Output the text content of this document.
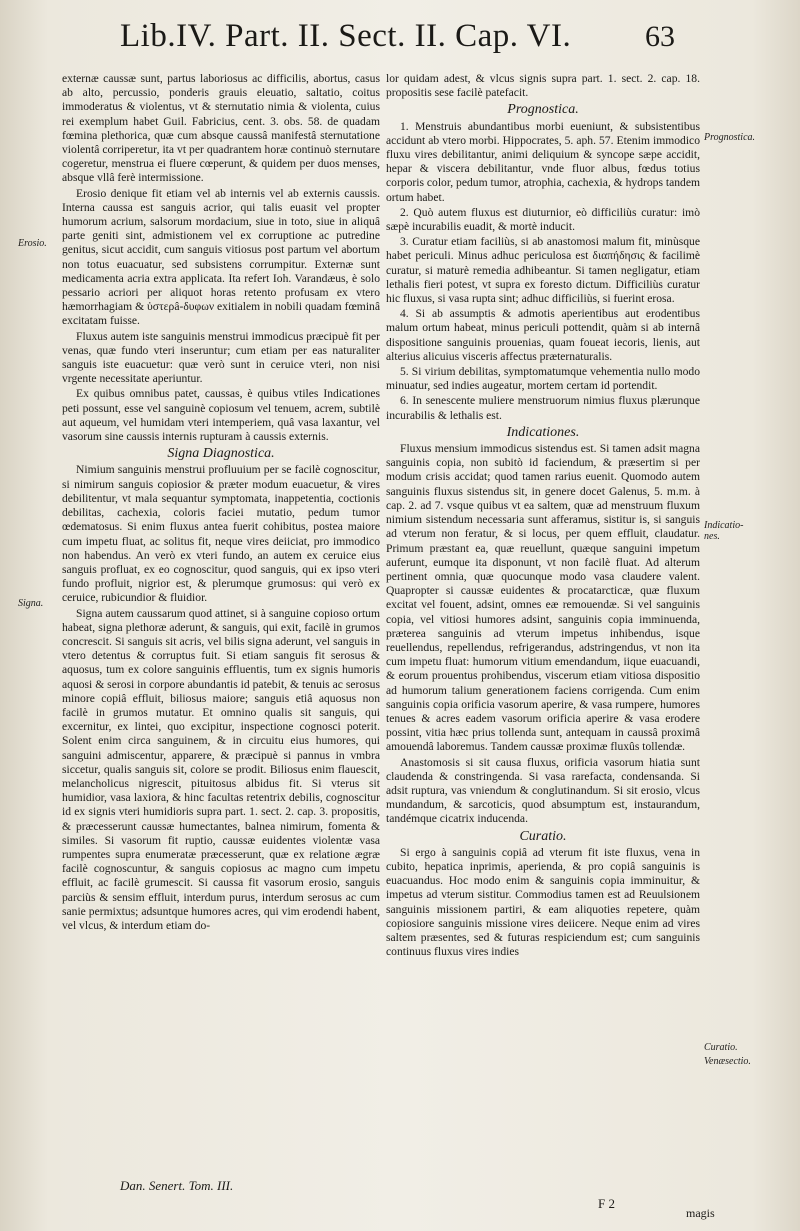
Lib.IV. Part. II. Sect. II. Cap. VI.	63
Erosio.
Signa.
Prognostica.
Indicatio-nes.
Curatio.
Venæsectio.

externæ caussæ sunt, partus laboriosus ac difficilis, abortus, casus ab alto, percussio, ponderis grauis eleuatio, saltatio, coitus immoderatus & violentus, vt & sternutatio nimia & violenta, cuius rei exemplum habet Guil. Fabricius, cent. 3. obs. 58. de quadam fœmina plethorica, quæ cum absque caussâ manifestâ sternutatione violentâ corriperetur, ita vt per quadrantem horæ continuò sternutare cogeretur, menstrua ei fluere cœperunt, & quidem per duos menses, absque vllâ ferè intermissione.

Erosio denique fit etiam vel ab internis vel ab externis caussis. Interna caussa est sanguis acrior, qui talis euasit vel propter humorum acrium, salsorum mordacium, siue in toto, siue in aliquâ parte geniti sint, admistionem vel ex corruptione ac putredine genitus, sicut accidit, cum sanguis vitiosus post partum vel abortum non totus euacuatur, sed subsistens corrumpitur. Externæ sunt medicamenta acria extra applicata. Ita refert Ioh. Varandæus, è solo pessario acriori per aliquot horas retento profusam ex vtero hæmorrhagiam & ὑστερâ-δυφων exitialem in nobili quadam fœminâ excitatam fuisse.

Fluxus autem iste sanguinis menstrui immodicus præcipuè fit per venas, quæ fundo vteri inseruntur; cum etiam per eas naturaliter sanguis iste euacuetur: quæ verò sunt in ceruice vteri, non nisi vrgente necessitate aperiuntur.

Ex quibus omnibus patet, caussas, è quibus vtiles Indicationes peti possunt, esse vel sanguinè copiosum vel tenuem, acrem, subtilè aut aqueum, vel humidam vteri intemperiem, quâ vasa laxantur, vel vasorum sine caussis internis rupturam à caussis externis.

Signa Diagnostica.

Nimium sanguinis menstrui profluuium per se facilè cognoscitur, si nimirum sanguis copiosior & præter modum euacuetur, & vires debilitentur, vt mala sequantur symptomata, inappetentia, coctionis debilitas, cachexia, coloris faciei mutatio, pedum tumor œdematosus. Si enim fluxus antea fuerit cohibitus, postea maiore cum impetu fluat, ac solitus fit, neque vires deiiciat, pro immodico non habendus. An verò ex vteri fundo, an autem ex ceruice eius sanguis profluat, ex eo cognoscitur, quod sanguis, qui ex ipso vteri fundo profluit, nigrior est, & plerumque grumosus: qui verò ex ceruice, rubicundior & fluidior.

Signa autem caussarum quod attinet, si à sanguine copioso ortum habeat, signa plethoræ aderunt, & sanguis, qui exit, facilè in grumos concrescit. Si sanguis sit acris, vel bilis signa aderunt, vel sanguis in vtero detentus & corruptus fuit. Si etiam sanguis fit serosus & aquosus, tum ex colore sanguinis effluentis, tum ex signis humoris aquosi & serosi in corpore abundantis id patebit, & tenuis ac serosus minore copiâ effluit, biliosus maiore; sanguis etiâ aquosus non facilè in grumos mutatur. Et omnino qualis sit sanguis, qui excernitur, ex lintei, quo excipitur, inspectione cognosci poterit. Solent enim circa sanguinem, & in circuitu eius humores, qui sanguini admiscentur, apparere, & præcipuè si pannus in vmbra siccetur, qualis sanguis sit, colore se prodit. Biliosus enim flauescit, melancholicus nigrescit, pituitosus albidus fit. Si vterus sit humidior, vasa laxiora, & hinc facultas retentrix debilis, cognoscitur id ex signis vteri humidioris supra part. 1. sect. 2. cap. 3. propositis, & præcesserunt caussæ humectantes, balnea nimirum, fomenta & similes. Si vasorum fit ruptio, caussæ euidentes violentæ vasa rumpentes supra enumeratæ præcesserunt, quæ ex relatione ægræ facilè cognoscuntur, & sanguis copiosus ac magno cum impetu effluit, ac facilè grumescit. Si caussa fit vasorum erosio, sanguis parciùs & sensim effluit, interdum purus, interdum serosus ac cum sanie permixtus; adsuntque humores acres, qui vim erodendi habent, vel vlcus, & interdum etiam do-

lor quidam adest, & vlcus signis supra part. 1. sect. 2. cap. 18. propositis sese facilè patefacit.

Prognostica.

1. Menstruis abundantibus morbi eueniunt, & subsistentibus accidunt ab vtero morbi. Hippocrates, 5. aph. 57. Etenim immodico fluxu vires debilitantur, animi deliquium & syncope sæpe accidit, hepar & viscera debilitantur, vnde fluor albus, fœdus totius corporis color, pedum tumor, atrophia, cachexia, & hydrops tandem ortum habet.

2. Quò autem fluxus est diuturnior, eò difficiliùs curatur: imò sæpè incurabilis euadit, & mortè inducit.

3. Curatur etiam faciliùs, si ab anastomosi malum fit, minùsque habet periculi. Minus adhuc periculosa est διαπήδησις & facilimè curatur, si maturè remedia adhibeantur. Si tamen negligatur, etiam lethalis fieri potest, vt supra ex foresto dictum. Difficiliùs curatur hic fluxus, si vasa rupta sint; adhuc difficiliùs, si fuerint erosa.

4. Si ab assumptis & admotis aperientibus aut erodentibus malum ortum habeat, minus periculi pottendit, quàm si ab internâ dispositione sanguinis prouenias, quam foueat iecoris, lienis, aut alterius alicuius visceris affectus præternaturalis.

5. Si virium debilitas, symptomatumque vehementia nullo modo minuatur, sed indies augeatur, mortem certam id portendit.

6. In senescente muliere menstruorum nimius fluxus plærunque incurabilis & lethalis est.

Indicationes.

Fluxus mensium immodicus sistendus est. Si tamen adsit magna sanguinis copia, non subitò id faciendum, & præsertim si per modum crisis accidat; quod tamen rarius euenit. Quomodo autem sanguinis fluxus sistendus sit, in genere docet Galenus, 5. m.m. à cap. 2. ad 7. vsque quibus vt ea saltem, quæ ad menstruum fluxum nimium sistendum necessaria sunt afferamus, sistitur is, si sanguis ad vterum non feratur, & si locus, per quem effluit, claudatur. Primum præstant ea, quæ reuellunt, quæque sanguini impetum auferunt, eumque ita disponunt, vt non facilè fluat. Ad alterum pertinent omnia, quæ quocunque modo vasa claudere valent. Quapropter si caussæ euidentes & procatarcticæ, quæ fluxum excitat vel fouent, adsint, omnes eæ remouendæ. Si vel sanguinis copia, vel vitiosi humores adsint, sanguinis copia imminuenda, præterea sanguinis ad vterum impetus inhibendus, isque reuellendus, repellendus, refrigerandus, adstringendus, vt non ita cum impetu fluat: humorum vitium emendandum, iique euacuandi, & eorum prouentus prohibendus, viscerum etiam vitiosa dispositio ad humorum talium generationem faciens corrigenda. Cum enim sanguinis copia orificia vasorum aperire, & vasa rumpere, humores tenues & acres eadem vasorum orificia aperire & vasa erodere possint, vitia hæc prius tollenda sunt, antequam in caussâ proximâ amouendâ laboremus. Tandem caussæ proximæ fluxûs tollendæ.

Anastomosis si sit causa fluxus, orificia vasorum hiatia sunt claudenda & constringenda. Si vasa rarefacta, condensanda. Si adsit ruptura, vas vniendum & conglutinandum. Si sit erosio, vlcus mundandum, & sarcoticis, quod absumptum est, instaurandum, tandémque cicatrix inducenda.

Curatio.

Si ergo à sanguinis copiâ ad vterum fit iste fluxus, vena in cubito, hepatica inprimis, aperienda, & pro copiâ sanguinis is euacuandus. Hoc modo enim & sanguinis copia imminuitur, & impetus ad vterum sistitur. Commodius tamen est ad Reuulsionem sanguinis missionem partiri, & eam aliquoties repetere, quàm copiosiore sanguinis missione vires deiicere. Neque enim ad vires saltem præsentes, sed & futuras respiciendum est; cum sanguinis continuus fluxus vires indies

Dan. Senert. Tom. III.
F 2
magis
